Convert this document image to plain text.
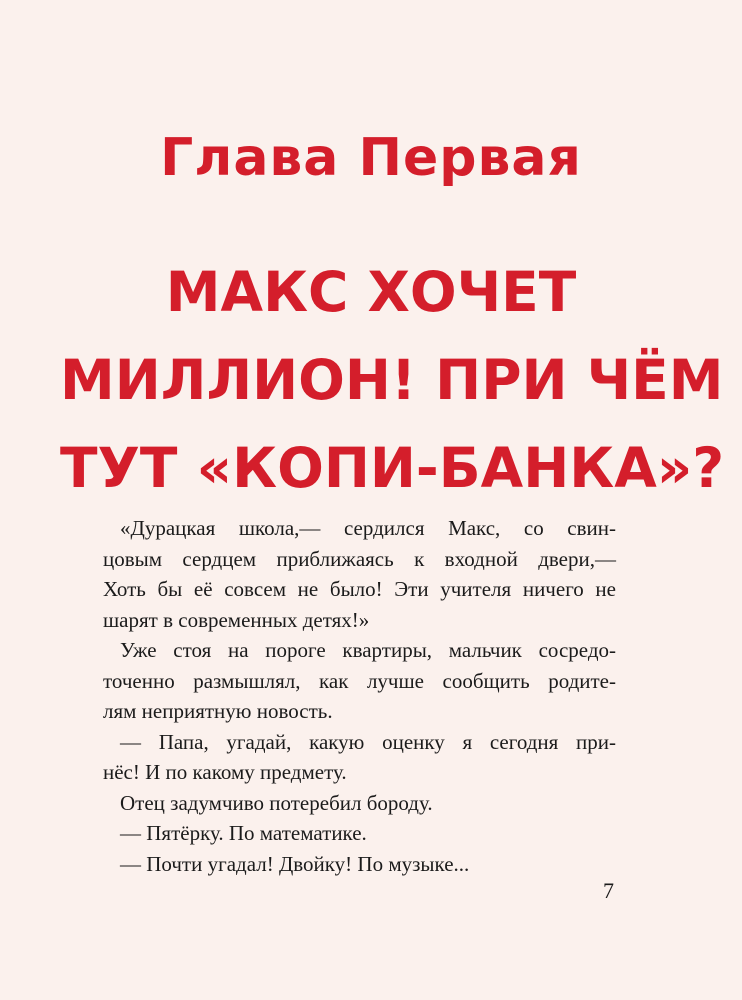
Глава Первая
МАКС ХОЧЕТ
МИЛЛИОН! ПРИ ЧЁМ
ТУТ «КОПИ-БАНКА»?
«Дурацкая школа,— сердился Макс, со свин-
цовым сердцем приближаясь к входной двери,—
Хоть бы её совсем не было! Эти учителя ничего не
шарят в современных детях!»
Уже стоя на пороге квартиры, мальчик сосредо-
точенно размышлял, как лучше сообщить родите-
лям неприятную новость.
— Папа, угадай, какую оценку я сегодня при-
нёс! И по какому предмету.
Отец задумчиво потеребил бороду.
— Пятёрку. По математике.
— Почти угадал! Двойку! По музыке...
7
